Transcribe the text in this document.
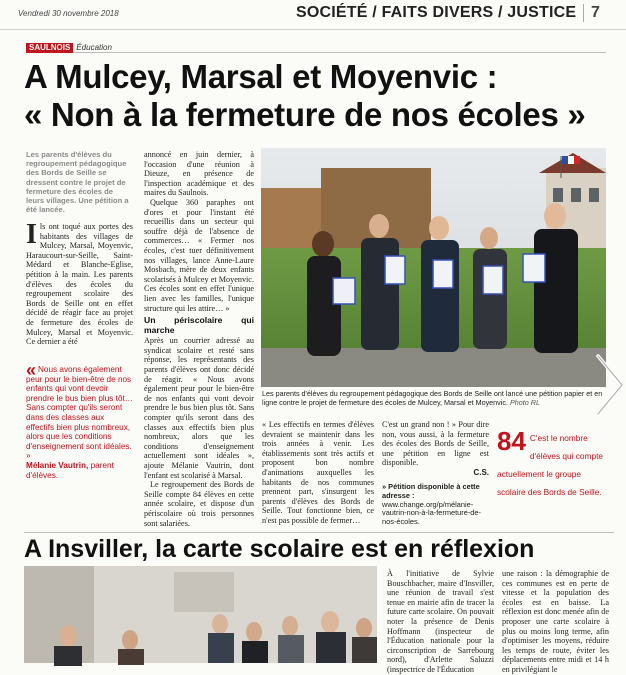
Vendredi 30 novembre 2018	SOCIÉTÉ / FAITS DIVERS / JUSTICE 7
SAULNOIS Éducation
A Mulcey, Marsal et Moyenvic :
« Non à la fermeture de nos écoles »

Les parents d'élèves du regroupement pédagogique des Bords de Seille se dressent contre le projet de fermeture des écoles de leurs villages. Une pétition a été lancée.

Ils ont toqué aux portes des habitants des villages de Mulcey, Marsal, Moyenvic, Haraucourt-sur-Seille, Saint-Médard et Blanche-Eglise, pétition à la main. Les parents d'élèves des écoles du regroupement scolaire des Bords de Seille ont en effet décidé de réagir face au projet de fermeture des écoles de Mulcey, Marsal et Moyenvic. Ce dernier a été
« Nous avons également peur pour le bien-être de nos enfants qui vont devoir prendre le bus bien plus tôt… Sans compter qu'ils seront dans des classes aux effectifs bien plus nombreux, alors que les conditions d'enseignement sont idéales. »
Mélanie Vautrin, parent d'élèves.
annoncé en juin dernier, à l'occasion d'une réunion à Dieuze, en présence de l'inspection académique et des maires du Saulnois.
Quelque 360 paraphes ont d'ores et pour l'instant été recueillis dans un secteur qui souffre déjà de l'absence de commerces… « Fermer nos écoles, c'est tuer définitivement nos villages, lance Anne-Laure Mosbach, mère de deux enfants scolarisés à Mulcey et Moyenvic. Ces écoles sont en effet l'unique lien avec les familles, l'unique structure qui les attire… »
Un périscolaire qui marche
Après un courrier adressé au syndicat scolaire et resté sans réponse, les représentants des parents d'élèves ont donc décidé de réagir. « Nous avons également peur pour le bien-être de nos enfants qui vont devoir prendre le bus bien plus tôt. Sans compter qu'ils seront dans des classes aux effectifs bien plus nombreux, alors que les conditions d'enseignement actuellement sont idéales », ajoute Mélanie Vautrin, dont l'enfant est scolarisé à Marsal.
Le regroupement des Bords de Seille compte 84 élèves en cette année scolaire, et dispose d'un périscolaire où trois personnes sont salariées.

Les parents d'élèves du regroupement pédagogique des Bords de Seille ont lancé une pétition papier et en ligne contre le projet de fermeture des écoles de Mulcey, Marsal et Moyenvic. Photo RL

« Les effectifs en termes d'élèves devraient se maintenir dans les trois années à venir. Les établissements sont très actifs et proposent bon nombre d'animations auxquelles les habitants de nos communes prennent part, s'insurgent les parents d'élèves des Bords de Seille. Tout fonctionne bien, ce n'est pas possible de fermer…
C'est un grand non ! » Pour dire non, vous aussi, à la fermeture des écoles des Bords de Seille, une pétition en ligne est disponible.
C.S.
» Pétition disponible à cette adresse :
www.change.org/p/mélanie-vautrin-non-à-la-fermeture-de-nos-écoles.
84 C'est le nombre d'élèves qui compte actuellement le groupe scolaire des Bords de Seille.
A Insviller, la carte scolaire est en réflexion
À l'initiative de Sylvie Bouschbacher, maire d'Insviller, une réunion de travail s'est tenue en mairie afin de tracer la future carte scolaire. On pouvait noter la présence de Denis Hoffmann (inspecteur de l'Éducation nationale pour la circonscription de Sarrebourg nord), d'Arlette Saluzzi (inspectrice de l'Éducation
une raison : la démographie de ces communes est en perte de vitesse et la population des écoles est en baisse. La réflexion est donc menée afin de proposer une carte scolaire à plus ou moins long terme, afin d'optimiser les moyens, réduire les temps de route, éviter les déplacements entre midi et 14 h en privilégiant le
